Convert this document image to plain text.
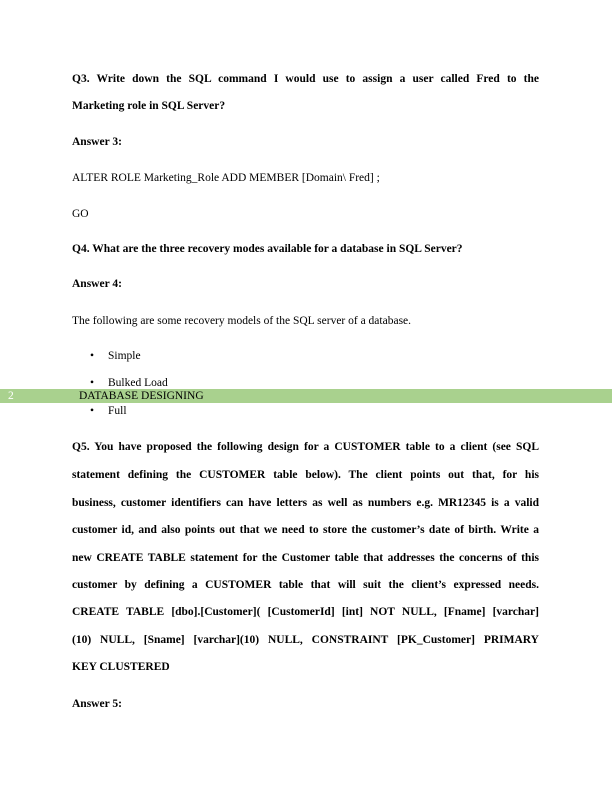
Q3. Write down the SQL command I would use to assign a user called Fred to the
Marketing role in SQL Server?
Answer 3:
ALTER ROLE Marketing_Role ADD MEMBER [Domain\ Fred] ;
GO
Q4. What are the three recovery modes available for a database in SQL Server?
Answer 4:
The following are some recovery models of the SQL server of a database.
• Simple
• Bulked Load
2	DATABASE DESIGNING
• Full
Q5. You have proposed the following design for a CUSTOMER table to a client (see SQL
statement defining the CUSTOMER table below). The client points out that, for his
business, customer identifiers can have letters as well as numbers e.g. MR12345 is a valid
customer id, and also points out that we need to store the customer’s date of birth. Write a
new CREATE TABLE statement for the Customer table that addresses the concerns of this
customer by defining a CUSTOMER table that will suit the client’s expressed needs.
CREATE TABLE [dbo].[Customer]( [CustomerId] [int] NOT NULL, [Fname] [varchar]
(10) NULL, [Sname] [varchar](10) NULL, CONSTRAINT [PK_Customer] PRIMARY
KEY CLUSTERED
Answer 5:
